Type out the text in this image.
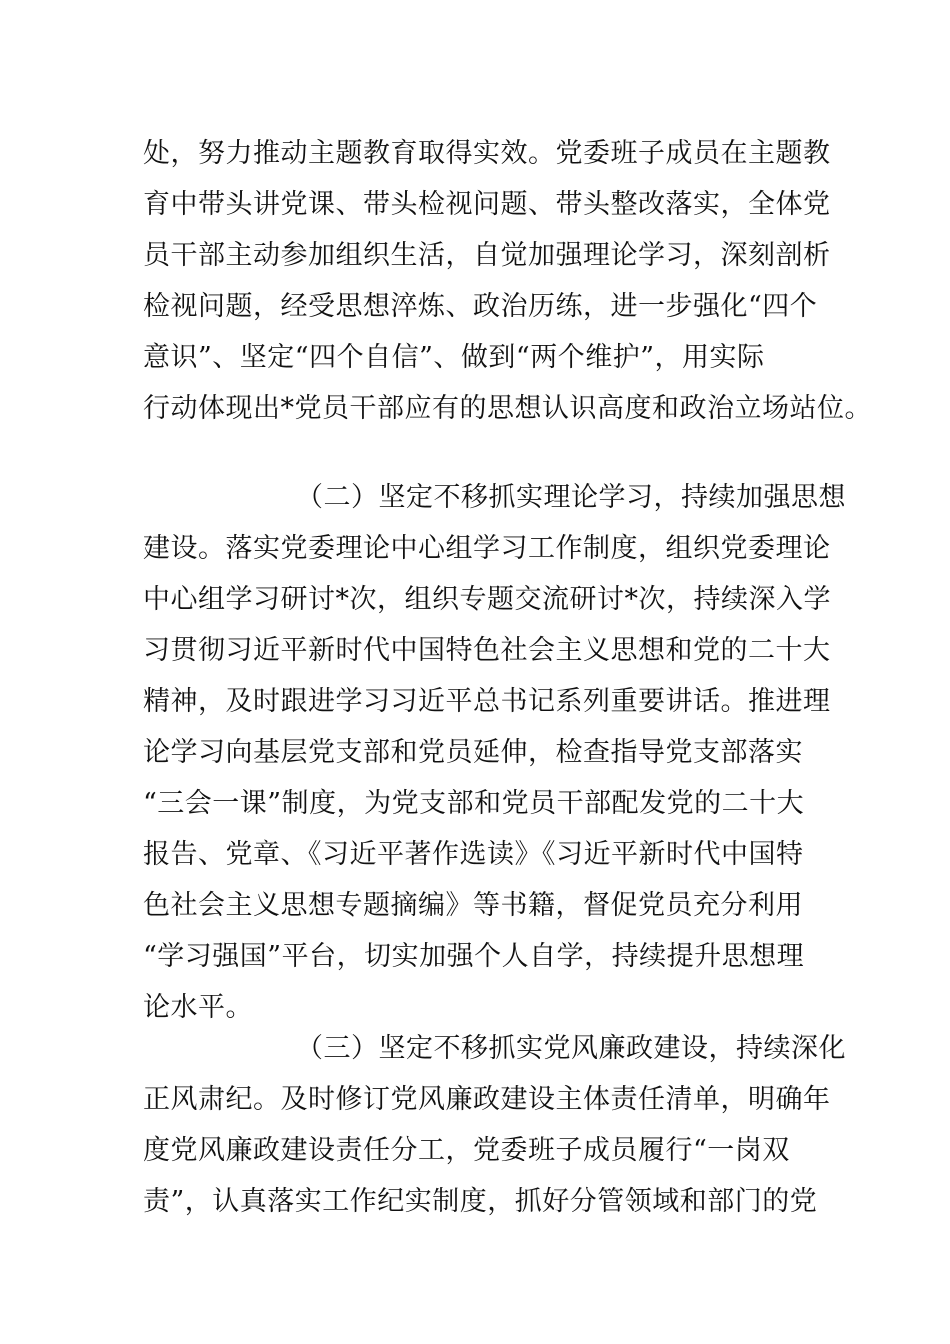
处，努力推动主题教育取得实效。党委班子成员在主题教
育中带头讲党课、带头检视问题、带头整改落实，全体党
员干部主动参加组织生活，自觉加强理论学习，深刻剖析
检视问题，经受思想淬炼、政治历练，进一步强化“四个
意识”、坚定“四个自信”、做到“两个维护”，用实际
行动体现出*党员干部应有的思想认识高度和政治立场站位。
（二）坚定不移抓实理论学习，持续加强思想
建设。落实党委理论中心组学习工作制度，组织党委理论
中心组学习研讨*次，组织专题交流研讨*次，持续深入学
习贯彻习近平新时代中国特色社会主义思想和党的二十大
精神，及时跟进学习习近平总书记系列重要讲话。推进理
论学习向基层党支部和党员延伸，检查指导党支部落实
“三会一课”制度，为党支部和党员干部配发党的二十大
报告、党章、《习近平著作选读》《习近平新时代中国特
色社会主义思想专题摘编》等书籍，督促党员充分利用
“学习强国”平台，切实加强个人自学，持续提升思想理
论水平。
（三）坚定不移抓实党风廉政建设，持续深化
正风肃纪。及时修订党风廉政建设主体责任清单，明确年
度党风廉政建设责任分工，党委班子成员履行“一岗双
责”，认真落实工作纪实制度，抓好分管领域和部门的党
